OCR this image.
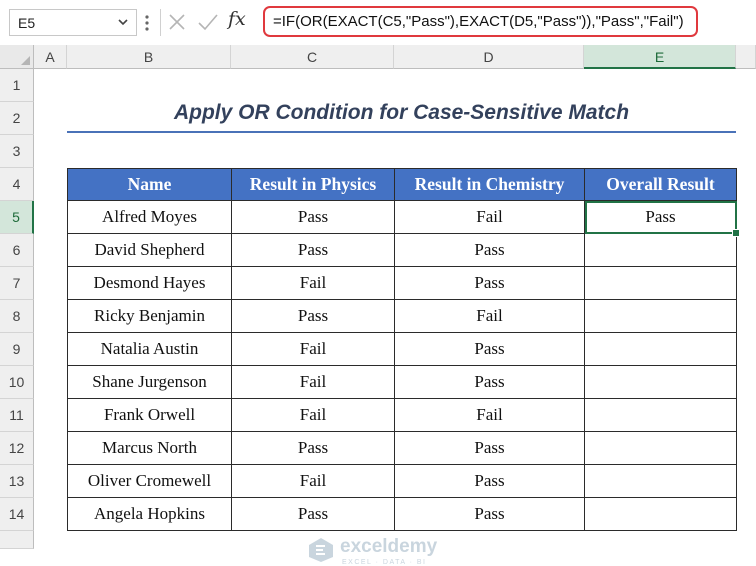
E5	fx =IF(OR(EXACT(C5,"Pass"),EXACT(D5,"Pass")),"Pass","Fail")
A	B	C	D	E
1
2
3
4
5
6
7
8
9
10
11
12
13
14
Apply OR Condition for Case-Sensitive Match
Name	Result in Physics	Result in Chemistry	Overall Result
Alfred Moyes	Pass	Fail	Pass

David Shepherd	Pass	Pass	
Desmond Hayes	Fail	Pass	
Ricky Benjamin	Pass	Fail	
Natalia Austin	Fail	Pass	
Shane Jurgenson	Fail	Pass	
Frank Orwell	Fail	Fail	
Marcus North	Pass	Pass	
Oliver Cromewell	Fail	Pass	
Angela Hopkins	Pass	Pass	
exceldemy
EXCEL · DATA · BI
